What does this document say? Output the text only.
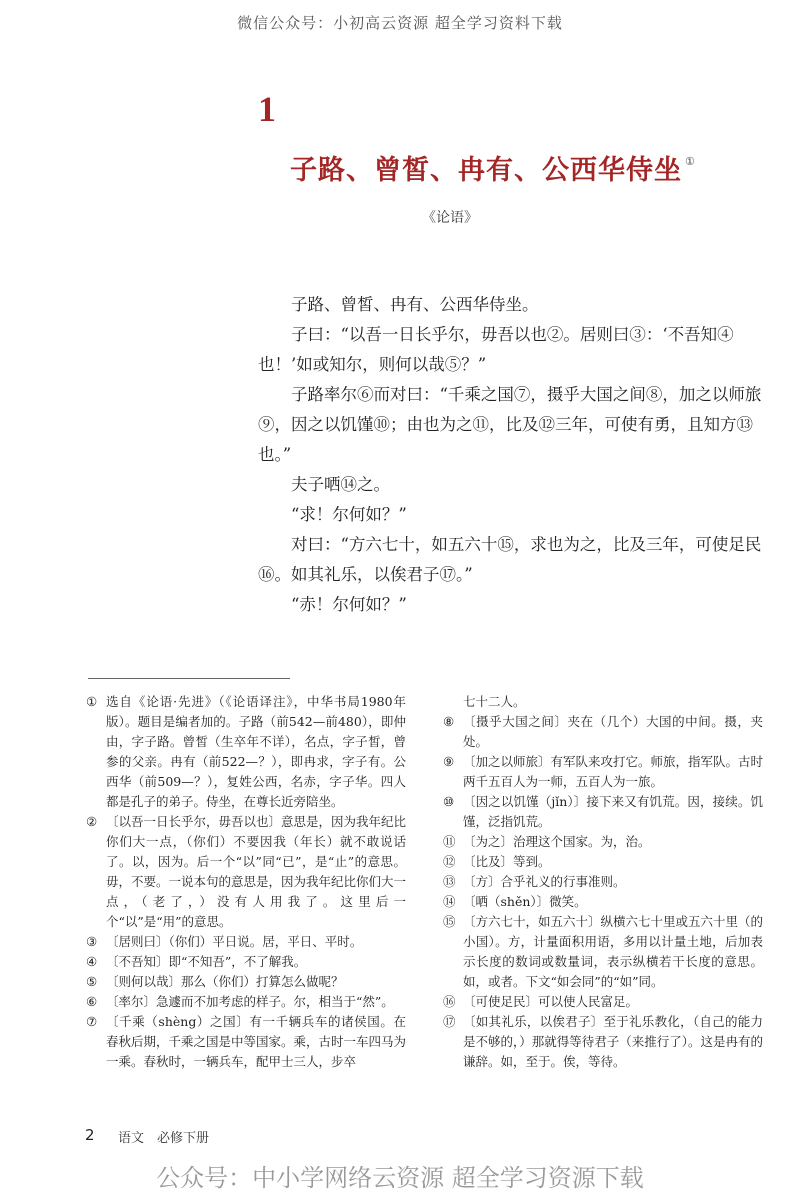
微信公众号：小初高云资源 超全学习资料下载
1
子路、曾皙、冉有、公西华侍坐 ①
《论语》

子路、曾皙、冉有、公西华侍坐。

子曰：“以吾一日长乎尔，毋吾以也②。居则曰③：‘不吾知④也！’如或知尔，则何以哉⑤？”

子路率尔⑥而对曰：“千乘之国⑦，摄乎大国之间⑧，加之以师旅⑨，因之以饥馑⑩；由也为之⑪，比及⑫三年，可使有勇，且知方⑬也。”

夫子哂⑭之。

“求！尔何如？”

对曰：“方六七十，如五六十⑮，求也为之，比及三年，可使足民⑯。如其礼乐，以俟君子⑰。”

“赤！尔何如？”

① 选自《论语·先进》（《论语译注》，中华书局1980年版）。题目是编者加的。子路（前542—前480），即仲由，字子路。曾皙（生卒年不详），名点，字子皙，曾参的父亲。冉有（前522—？），即冉求，字子有。公西华（前509—？），复姓公西，名赤，字子华。四人都是孔子的弟子。侍坐，在尊长近旁陪坐。
② 〔以吾一日长乎尔，毋吾以也〕意思是，因为我年纪比你们大一点，（你们）不要因我（年长）就不敢说话了。以，因为。后一个“以”同“已”，是“止”的意思。毋，不要。一说本句的意思是，因为我年纪比你们大一点，（老了，）没有人用我了。这里后一个“以”是“用”的意思。
③ 〔居则曰〕（你们）平日说。居，平日、平时。
④ 〔不吾知〕即“不知吾”，不了解我。
⑤ 〔则何以哉〕那么（你们）打算怎么做呢？
⑥ 〔率尔〕急遽而不加考虑的样子。尔，相当于“然”。
⑦ 〔千乘（shèng）之国〕有一千辆兵车的诸侯国。在春秋后期，千乘之国是中等国家。乘，古时一车四马为一乘。春秋时，一辆兵车，配甲士三人，步卒
七十二人。
⑧ 〔摄乎大国之间〕夹在（几个）大国的中间。摄，夹处。
⑨ 〔加之以师旅〕有军队来攻打它。师旅，指军队。古时两千五百人为一师，五百人为一旅。
⑩ 〔因之以饥馑（jǐn）〕接下来又有饥荒。因，接续。饥馑，泛指饥荒。
⑪ 〔为之〕治理这个国家。为，治。
⑫ 〔比及〕等到。
⑬ 〔方〕合乎礼义的行事准则。
⑭ 〔哂（shěn）〕微笑。
⑮ 〔方六七十，如五六十〕纵横六七十里或五六十里（的小国）。方，计量面积用语，多用以计量土地，后加表示长度的数词或数量词，表示纵横若干长度的意思。如，或者。下文“如会同”的“如”同。
⑯ 〔可使足民〕可以使人民富足。
⑰ 〔如其礼乐，以俟君子〕至于礼乐教化，（自己的能力是不够的，）那就得等待君子（来推行了）。这是冉有的谦辞。如，至于。俟，等待。
2 语文　必修下册
公众号：中小学网络云资源 超全学习资源下载
